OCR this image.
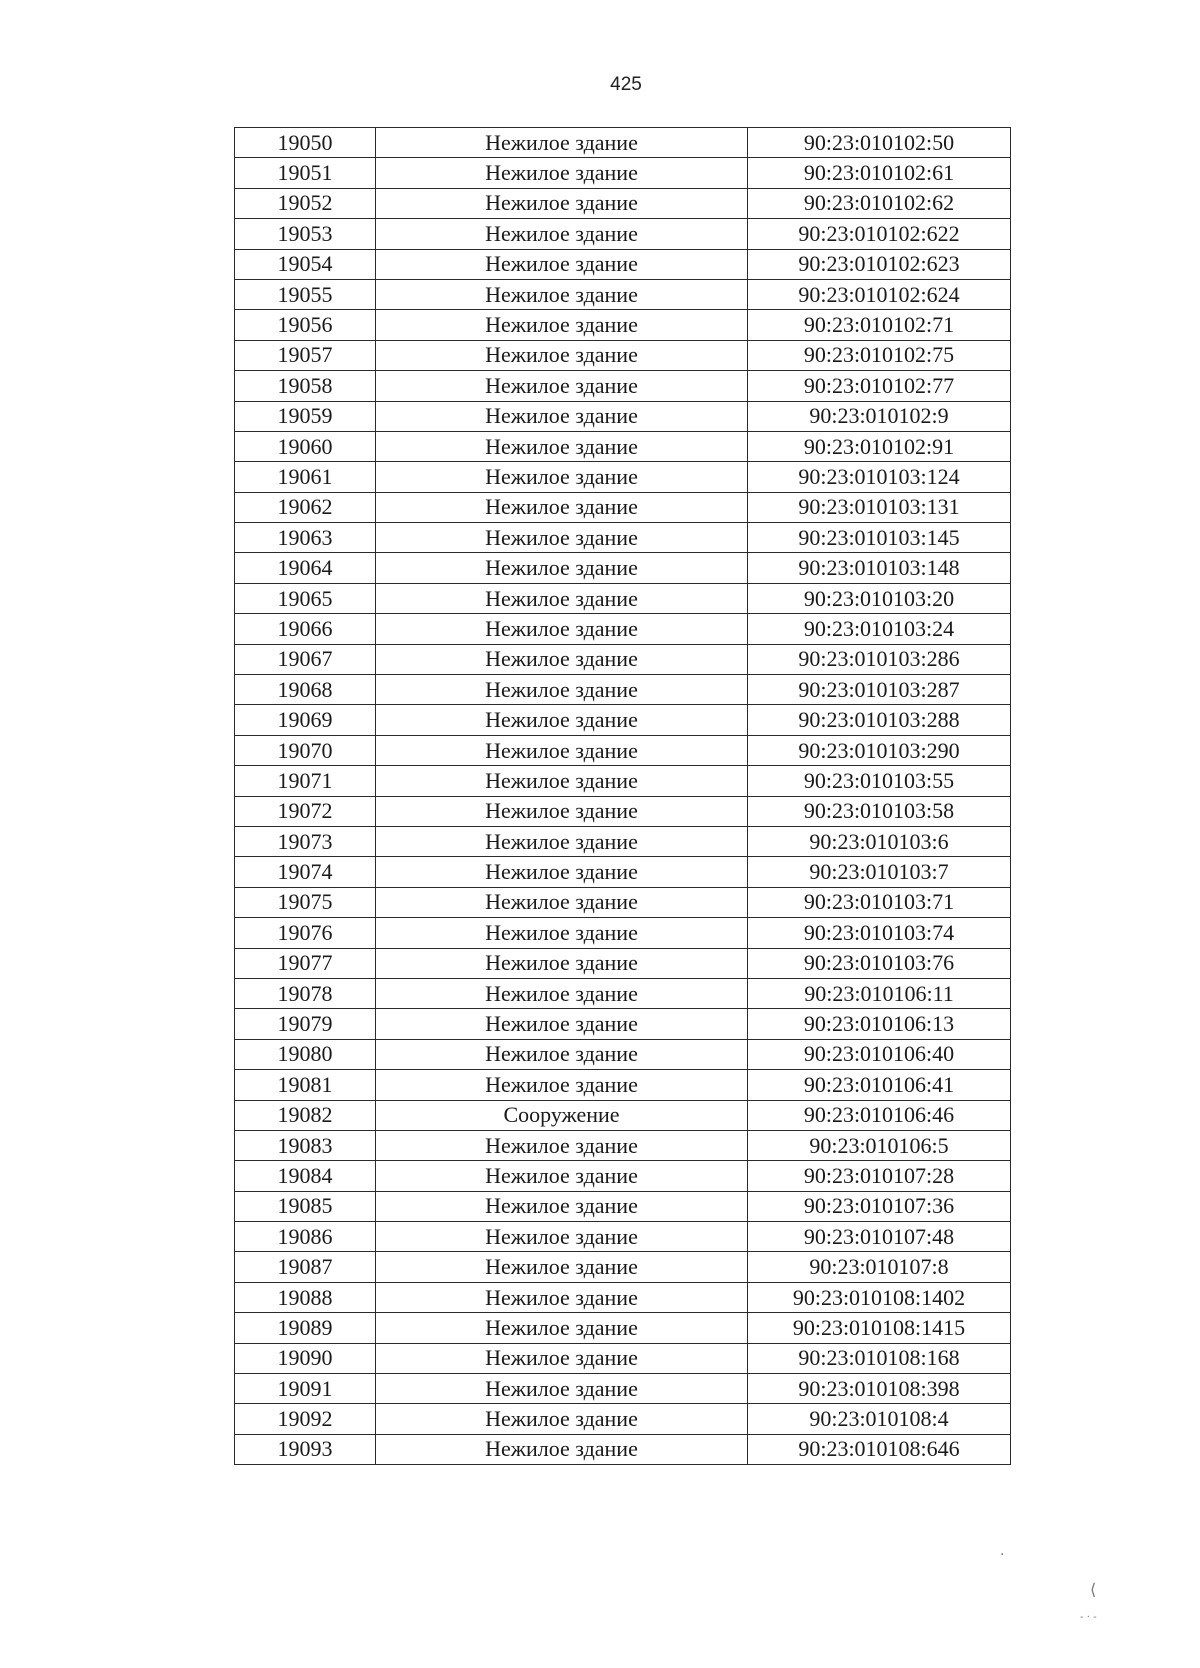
425
19050	Нежилое здание	90:23:010102:50
19051	Нежилое здание	90:23:010102:61
19052	Нежилое здание	90:23:010102:62
19053	Нежилое здание	90:23:010102:622
19054	Нежилое здание	90:23:010102:623
19055	Нежилое здание	90:23:010102:624
19056	Нежилое здание	90:23:010102:71
19057	Нежилое здание	90:23:010102:75
19058	Нежилое здание	90:23:010102:77
19059	Нежилое здание	90:23:010102:9
19060	Нежилое здание	90:23:010102:91
19061	Нежилое здание	90:23:010103:124
19062	Нежилое здание	90:23:010103:131
19063	Нежилое здание	90:23:010103:145
19064	Нежилое здание	90:23:010103:148
19065	Нежилое здание	90:23:010103:20
19066	Нежилое здание	90:23:010103:24
19067	Нежилое здание	90:23:010103:286
19068	Нежилое здание	90:23:010103:287
19069	Нежилое здание	90:23:010103:288
19070	Нежилое здание	90:23:010103:290
19071	Нежилое здание	90:23:010103:55
19072	Нежилое здание	90:23:010103:58
19073	Нежилое здание	90:23:010103:6
19074	Нежилое здание	90:23:010103:7
19075	Нежилое здание	90:23:010103:71
19076	Нежилое здание	90:23:010103:74
19077	Нежилое здание	90:23:010103:76
19078	Нежилое здание	90:23:010106:11
19079	Нежилое здание	90:23:010106:13
19080	Нежилое здание	90:23:010106:40
19081	Нежилое здание	90:23:010106:41
19082	Сооружение	90:23:010106:46
19083	Нежилое здание	90:23:010106:5
19084	Нежилое здание	90:23:010107:28
19085	Нежилое здание	90:23:010107:36
19086	Нежилое здание	90:23:010107:48
19087	Нежилое здание	90:23:010107:8
19088	Нежилое здание	90:23:010108:1402
19089	Нежилое здание	90:23:010108:1415
19090	Нежилое здание	90:23:010108:168
19091	Нежилое здание	90:23:010108:398
19092	Нежилое здание	90:23:010108:4
19093	Нежилое здание	90:23:010108:646
.
⟨
- · -
